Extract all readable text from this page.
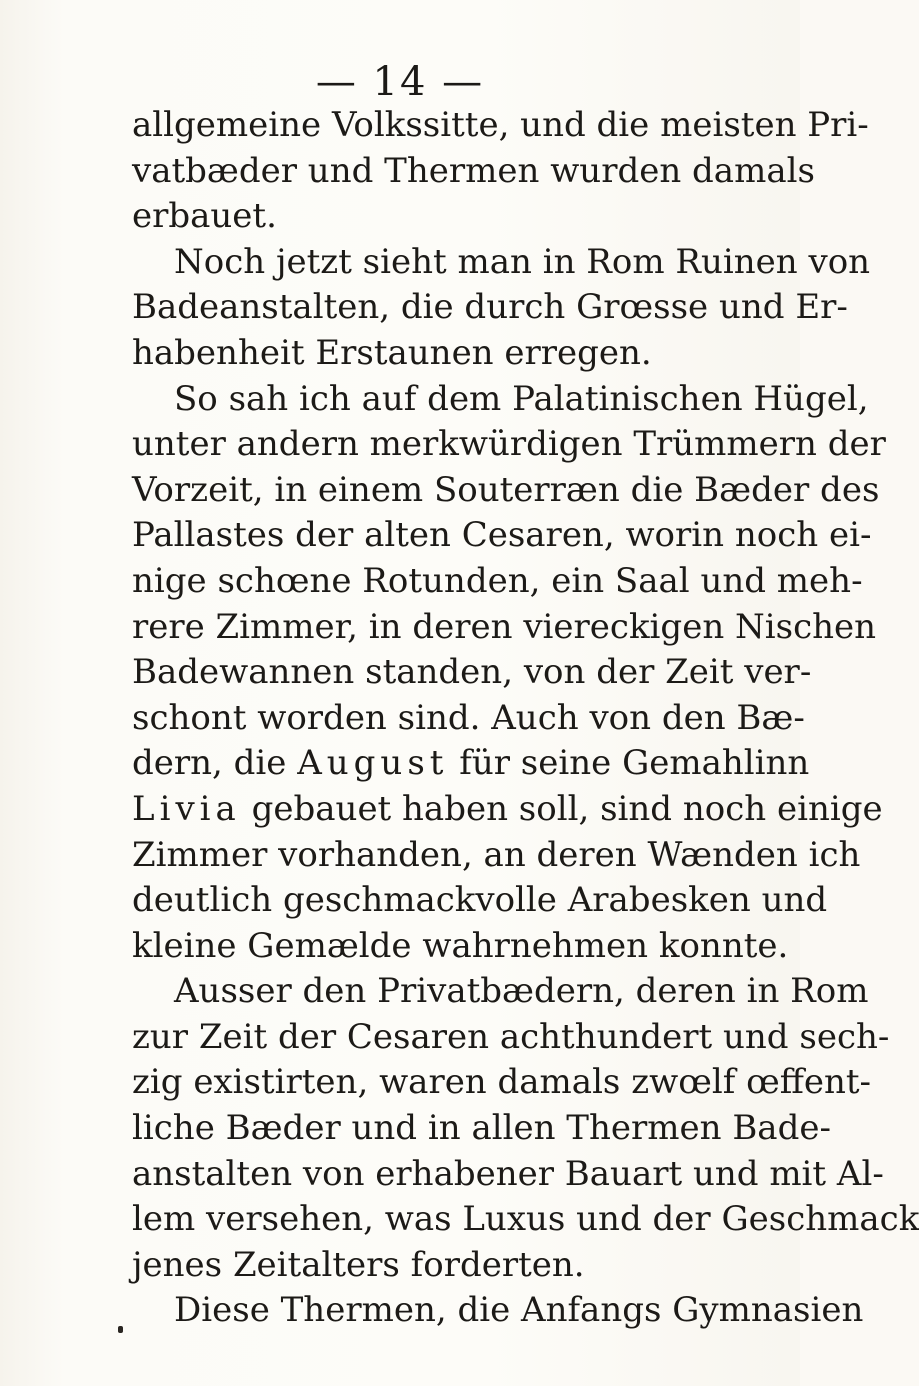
— 14 —
allgemeine Volkssitte, und die meisten Pri-
vatbæder und Thermen wurden damals
erbauet.
Noch jetzt sieht man in Rom Ruinen von
Badeanstalten, die durch Grœsse und Er-
habenheit Erstaunen erregen.
So sah ich auf dem Palatinischen Hügel,
unter andern merkwürdigen Trümmern der
Vorzeit, in einem Souterræn die Bæder des
Pallastes der alten Cesaren, worin noch ei-
nige schœne Rotunden, ein Saal und meh-
rere Zimmer, in deren viereckigen Nischen
Badewannen standen, von der Zeit ver-
schont worden sind. Auch von den Bæ-
dern, die August für seine Gemahlinn
Livia gebauet haben soll, sind noch einige
Zimmer vorhanden, an deren Wænden ich
deutlich geschmackvolle Arabesken und
kleine Gemælde wahrnehmen konnte.
Ausser den Privatbædern, deren in Rom
zur Zeit der Cesaren achthundert und sech-
zig existirten, waren damals zwœlf œffent-
liche Bæder und in allen Thermen Bade-
anstalten von erhabener Bauart und mit Al-
lem versehen, was Luxus und der Geschmack
jenes Zeitalters forderten.
Diese Thermen, die Anfangs Gymnasien
